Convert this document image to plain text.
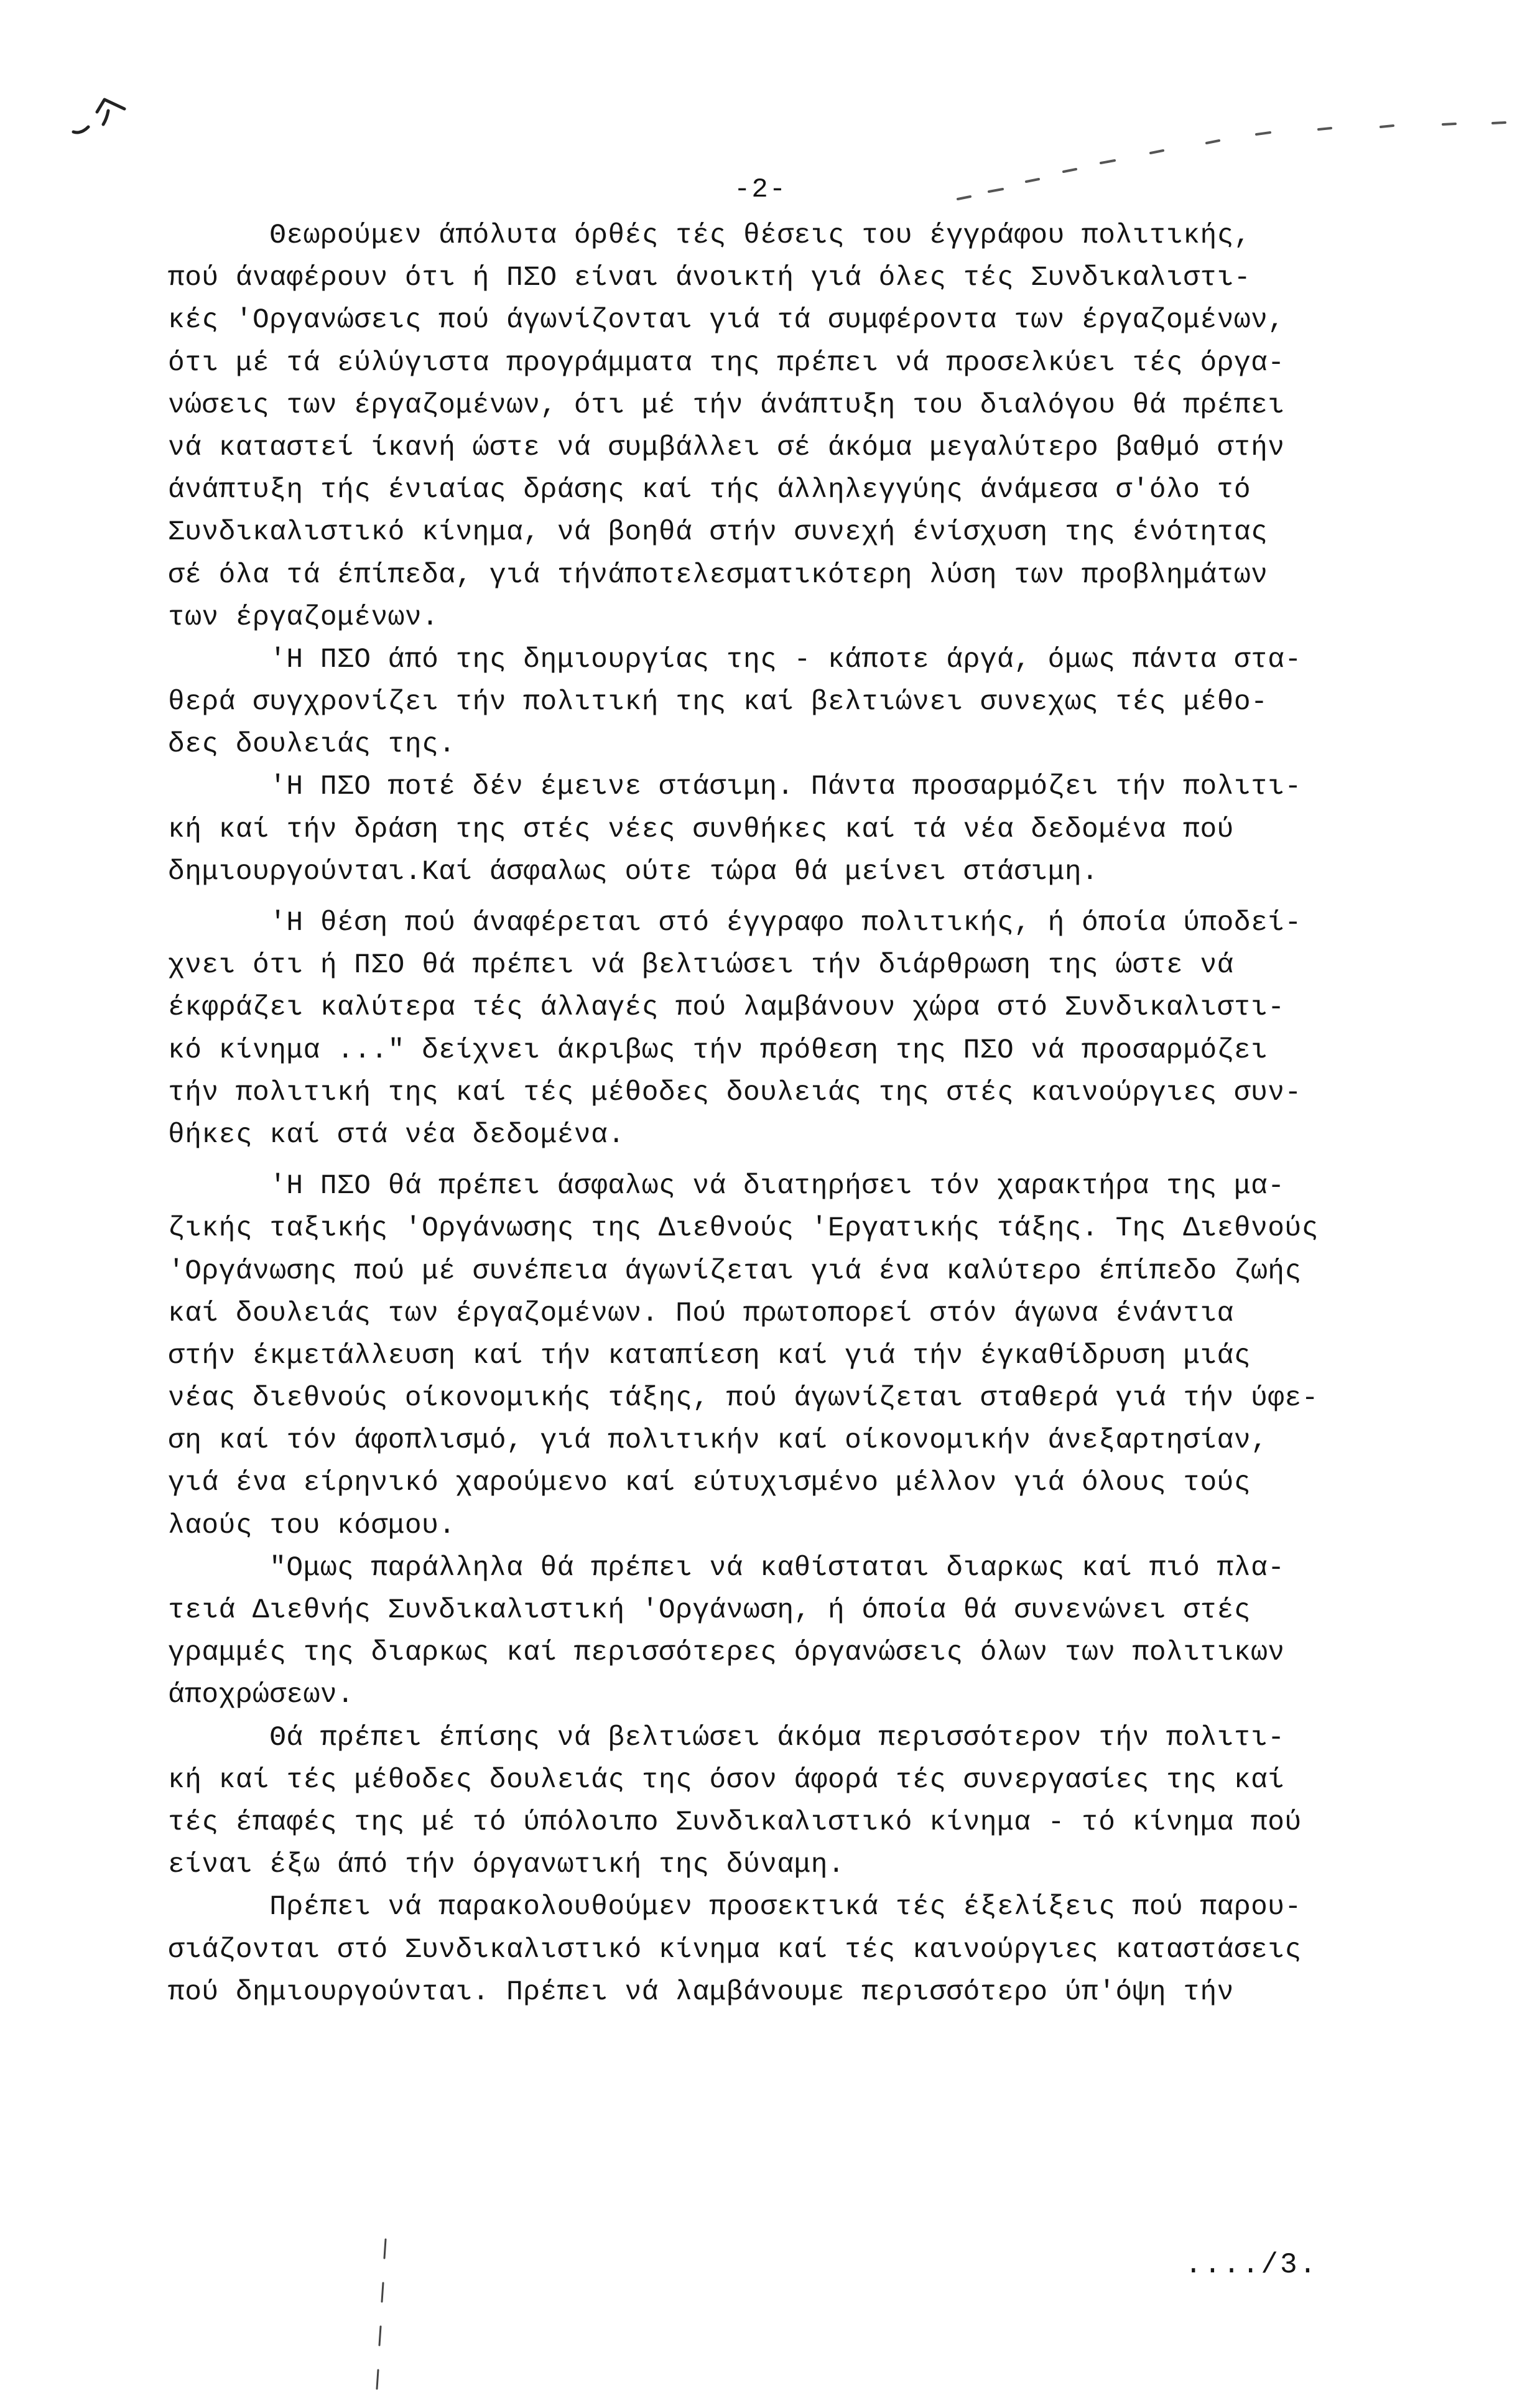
-2-
Θεωρούμεν άπόλυτα όρθές τές θέσεις του έγγράφου πολιτικής,
πού άναφέρουν ότι ή ΠΣΟ είναι άνοικτή γιά όλες τές Συνδικαλιστι-
κές 'Οργανώσεις πού άγωνίζονται γιά τά συμφέροντα των έργαζομένων,
ότι μέ τά εύλύγιστα προγράμματα της πρέπει νά προσελκύει τές όργα-
νώσεις των έργαζομένων, ότι μέ τήν άνάπτυξη του διαλόγου θά πρέπει
νά καταστεί ίκανή ώστε νά συμβάλλει σέ άκόμα μεγαλύτερο βαθμό στήν
άνάπτυξη τής ένιαίας δράσης καί τής άλληλεγγύης άνάμεσα σ'όλο τό
Συνδικαλιστικό κίνημα, νά βοηθά στήν συνεχή ένίσχυση της ένότητας
σέ όλα τά έπίπεδα, γιά τήνάποτελεσματικότερη λύση των προβλημάτων
των έργαζομένων.
'Η ΠΣΟ άπό της δημιουργίας της - κάποτε άργά, όμως πάντα στα-
θερά συγχρονίζει τήν πολιτική της καί βελτιώνει συνεχως τές μέθο-
δες δουλειάς της.
'Η ΠΣΟ ποτέ δέν έμεινε στάσιμη. Πάντα προσαρμόζει τήν πολιτι-
κή καί τήν δράση της στές νέες συνθήκες καί τά νέα δεδομένα πού
δημιουργούνται.Καί άσφαλως ούτε τώρα θά μείνει στάσιμη.
'Η θέση πού άναφέρεται στό έγγραφο πολιτικής, ή όποία ύποδεί-
χνει ότι ή ΠΣΟ θά πρέπει νά βελτιώσει τήν διάρθρωση της ώστε νά
έκφράζει καλύτερα τές άλλαγές πού λαμβάνουν χώρα στό Συνδικαλιστι-
κό κίνημα ..." δείχνει άκριβως τήν πρόθεση της ΠΣΟ νά προσαρμόζει
τήν πολιτική της καί τές μέθοδες δουλειάς της στές καινούργιες συν-
θήκες καί στά νέα δεδομένα.
'Η ΠΣΟ θά πρέπει άσφαλως νά διατηρήσει τόν χαρακτήρα της μα-
ζικής ταξικής 'Οργάνωσης της Διεθνούς 'Εργατικής τάξης. Της Διεθνούς
'Οργάνωσης πού μέ συνέπεια άγωνίζεται γιά ένα καλύτερο έπίπεδο ζωής
καί δουλειάς των έργαζομένων. Πού πρωτοπορεί στόν άγωνα ένάντια
στήν έκμετάλλευση καί τήν καταπίεση καί γιά τήν έγκαθίδρυση μιάς
νέας διεθνούς οίκονομικής τάξης, πού άγωνίζεται σταθερά γιά τήν ύφε-
ση καί τόν άφοπλισμό, γιά πολιτικήν καί οίκονομικήν άνεξαρτησίαν,
γιά ένα είρηνικό χαρούμενο καί εύτυχισμένο μέλλον γιά όλους τούς
λαούς του κόσμου.
"Ομως παράλληλα θά πρέπει νά καθίσταται διαρκως καί πιό πλα-
τειά Διεθνής Συνδικαλιστική 'Οργάνωση, ή όποία θά συνενώνει στές
γραμμές της διαρκως καί περισσότερες όργανώσεις όλων των πολιτικων
άποχρώσεων.
Θά πρέπει έπίσης νά βελτιώσει άκόμα περισσότερον τήν πολιτι-
κή καί τές μέθοδες δουλειάς της όσον άφορά τές συνεργασίες της καί
τές έπαφές της μέ τό ύπόλοιπο Συνδικαλιστικό κίνημα - τό κίνημα πού
είναι έξω άπό τήν όργανωτική της δύναμη.
Πρέπει νά παρακολουθούμεν προσεκτικά τές έξελίξεις πού παρου-
σιάζονται στό Συνδικαλιστικό κίνημα καί τές καινούργιες καταστάσεις
πού δημιουργούνται. Πρέπει νά λαμβάνουμε περισσότερο ύπ'όψη τήν
..../3.
